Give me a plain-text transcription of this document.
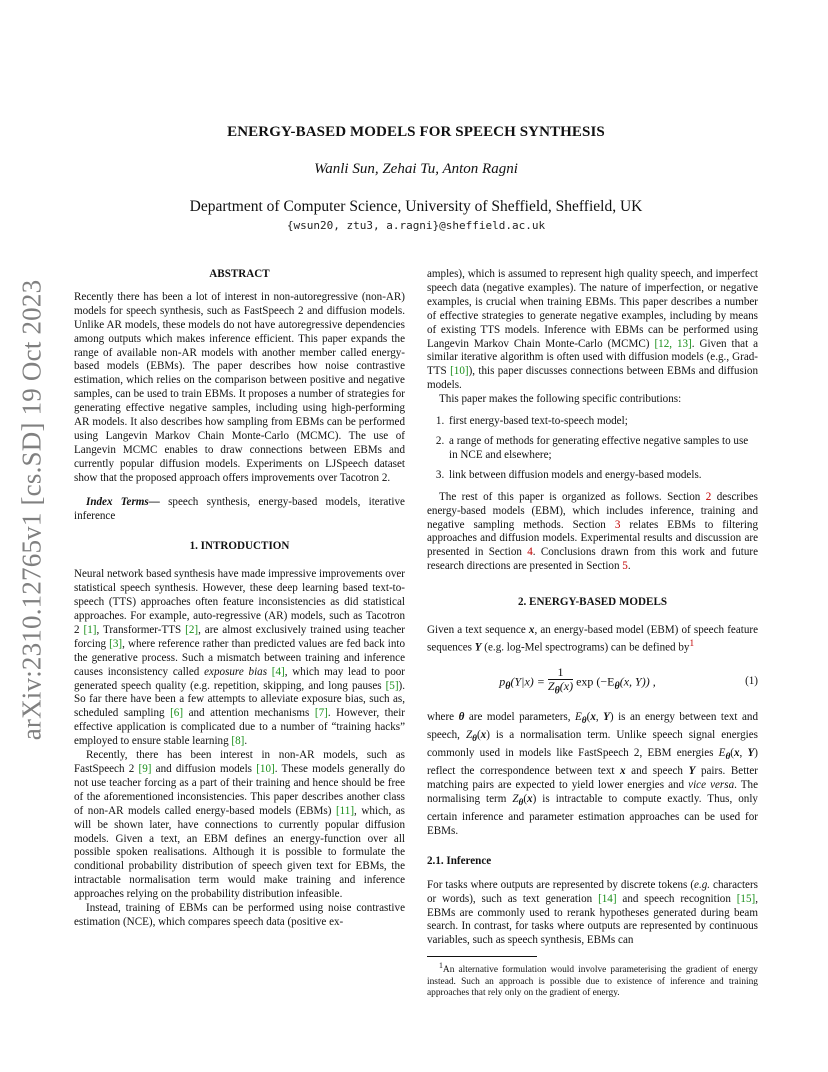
arXiv:2310.12765v1 [cs.SD] 19 Oct 2023
ENERGY-BASED MODELS FOR SPEECH SYNTHESIS
Wanli Sun, Zehai Tu, Anton Ragni
Department of Computer Science, University of Sheffield, Sheffield, UK
{wsun20, ztu3, a.ragni}@sheffield.ac.uk
ABSTRACT

Recently there has been a lot of interest in non-autoregressive (non-AR) models for speech synthesis, such as FastSpeech 2 and diffusion models. Unlike AR models, these models do not have autoregressive dependencies among outputs which makes inference efficient. This paper expands the range of available non-AR models with another member called energy-based models (EBMs). The paper describes how noise contrastive estimation, which relies on the comparison between positive and negative samples, can be used to train EBMs. It proposes a number of strategies for generating effective negative samples, including using high-performing AR models. It also describes how sampling from EBMs can be performed using Langevin Markov Chain Monte-Carlo (MCMC). The use of Langevin MCMC enables to draw connections between EBMs and currently popular diffusion models. Experiments on LJSpeech dataset show that the proposed approach offers improvements over Tacotron 2.

Index Terms— speech synthesis, energy-based models, iterative inference

1. INTRODUCTION

Neural network based synthesis have made impressive improvements over statistical speech synthesis. However, these deep learning based text-to-speech (TTS) approaches often feature inconsistencies as did statistical approaches. For example, auto-regressive (AR) models, such as Tacotron 2 [1], Transformer-TTS [2], are almost exclusively trained using teacher forcing [3], where reference rather than predicted values are fed back into the generative process. Such a mismatch between training and inference causes inconsistency called exposure bias [4], which may lead to poor generated speech quality (e.g. repetition, skipping, and long pauses [5]). So far there have been a few attempts to alleviate exposure bias, such as, scheduled sampling [6] and attention mechanisms [7]. However, their effective application is complicated due to a number of “training hacks” employed to ensure stable learning [8].

Recently, there has been interest in non-AR models, such as FastSpeech 2 [9] and diffusion models [10]. These models generally do not use teacher forcing as a part of their training and hence should be free of the aforementioned inconsistencies. This paper describes another class of non-AR models called energy-based models (EBMs) [11], which, as will be shown later, have connections to currently popular diffusion models. Given a text, an EBM defines an energy-function over all possible spoken realisations. Although it is possible to formulate the conditional probability distribution of speech given text for EBMs, the intractable normalisation term would make training and inference approaches relying on the probability distribution infeasible.

Instead, training of EBMs can be performed using noise contrastive estimation (NCE), which compares speech data (positive ex-

amples), which is assumed to represent high quality speech, and imperfect speech data (negative examples). The nature of imperfection, or negative examples, is crucial when training EBMs. This paper describes a number of effective strategies to generate negative examples, including by means of existing TTS models. Inference with EBMs can be performed using Langevin Markov Chain Monte-Carlo (MCMC) [12, 13]. Given that a similar iterative algorithm is often used with diffusion models (e.g., Grad-TTS [10]), this paper discusses connections between EBMs and diffusion models.

This paper makes the following specific contributions:

1. first energy-based text-to-speech model;
2. a range of methods for generating effective negative samples to use in NCE and elsewhere;
3. link between diffusion models and energy-based models.

The rest of this paper is organized as follows. Section 2 describes energy-based models (EBM), which includes inference, training and negative sampling methods. Section 3 relates EBMs to filtering approaches and diffusion models. Experimental results and discussion are presented in Section 4. Conclusions drawn from this work and future research directions are presented in Section 5.

2. ENERGY-BASED MODELS

Given a text sequence x, an energy-based model (EBM) of speech feature sequences Y (e.g. log-Mel spectrograms) can be defined $by^1$

$p_\theta(Y|x) = \frac{1}{Z_\theta(x)}$ $\exp (-E_\theta(x$, Y)) ,	(1)

where θ are model parameters, $E_\theta(x$, Y) is an energy between text and speech, $Z_\theta(x)$ is a normalisation term. Unlike speech signal energies commonly used in models like FastSpeech 2, EBM energies $E_\theta(x$, Y) reflect the correspondence between text x and speech Y pairs. Better matching pairs are expected to yield lower energies and vice versa. The normalising term $Z_\theta(x)$ is intractable to compute exactly. Thus, only certain inference and parameter estimation approaches can be used for EBMs.

2.1. Inference

For tasks where outputs are represented by discrete tokens (e.g. characters or words), such as text generation [14] and speech recognition [15], EBMs are commonly used to rerank hypotheses generated during beam search. In contrast, for tasks where outputs are represented by continuous variables, such as speech synthesis, EBMs can

$^1$An alternative formulation would involve parameterising the gradient of energy instead. Such an approach is possible due to existence of inference and training approaches that rely only on the gradient of energy.
